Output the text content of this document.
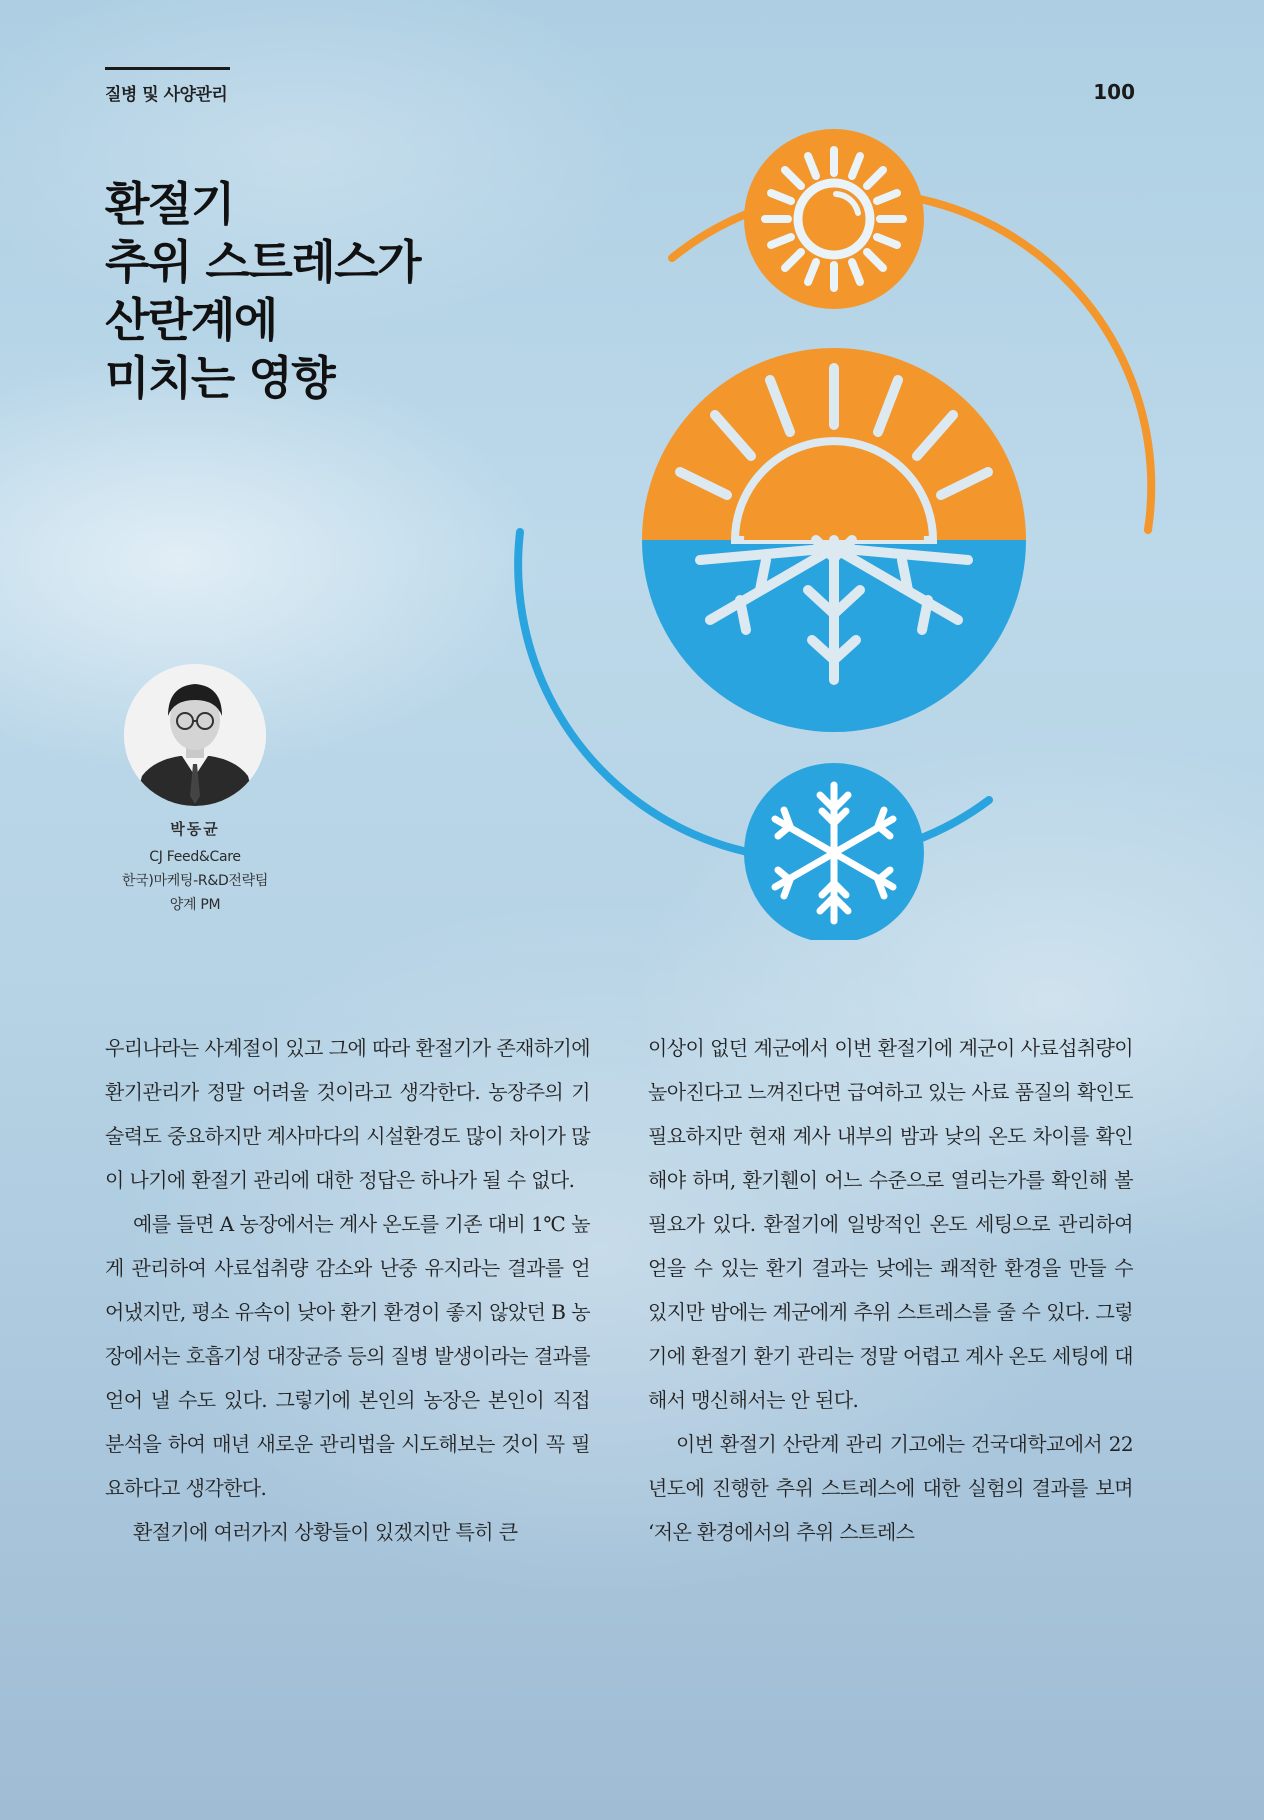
질병 및 사양관리	100
환절기
추위 스트레스가
산란계에
미치는 영향
박동균
CJ Feed&Care
한국)마케팅-R&D전략팀
양계 PM

우리나라는 사계절이 있고 그에 따라 환절기가 존재하기에 환기관리가 정말 어려울 것이라고 생각한다. 농장주의 기술력도 중요하지만 계사마다의 시설환경도 많이 차이가 많이 나기에 환절기 관리에 대한 정답은 하나가 될 수 없다.

예를 들면 A 농장에서는 계사 온도를 기존 대비 1℃ 높게 관리하여 사료섭취량 감소와 난중 유지라는 결과를 얻어냈지만, 평소 유속이 낮아 환기 환경이 좋지 않았던 B 농장에서는 호흡기성 대장균증 등의 질병 발생이라는 결과를 얻어 낼 수도 있다. 그렇기에 본인의 농장은 본인이 직접 분석을 하여 매년 새로운 관리법을 시도해보는 것이 꼭 필요하다고 생각한다.

환절기에 여러가지 상황들이 있겠지만 특히 큰

이상이 없던 계군에서 이번 환절기에 계군이 사료섭취량이 높아진다고 느껴진다면 급여하고 있는 사료 품질의 확인도 필요하지만 현재 계사 내부의 밤과 낮의 온도 차이를 확인해야 하며, 환기휀이 어느 수준으로 열리는가를 확인해 볼 필요가 있다. 환절기에 일방적인 온도 세팅으로 관리하여 얻을 수 있는 환기 결과는 낮에는 쾌적한 환경을 만들 수 있지만 밤에는 계군에게 추위 스트레스를 줄 수 있다. 그렇기에 환절기 환기 관리는 정말 어렵고 계사 온도 세팅에 대해서 맹신해서는 안 된다.

이번 환절기 산란계 관리 기고에는 건국대학교에서 22년도에 진행한 추위 스트레스에 대한 실험의 결과를 보며 ‘저온 환경에서의 추위 스트레스
